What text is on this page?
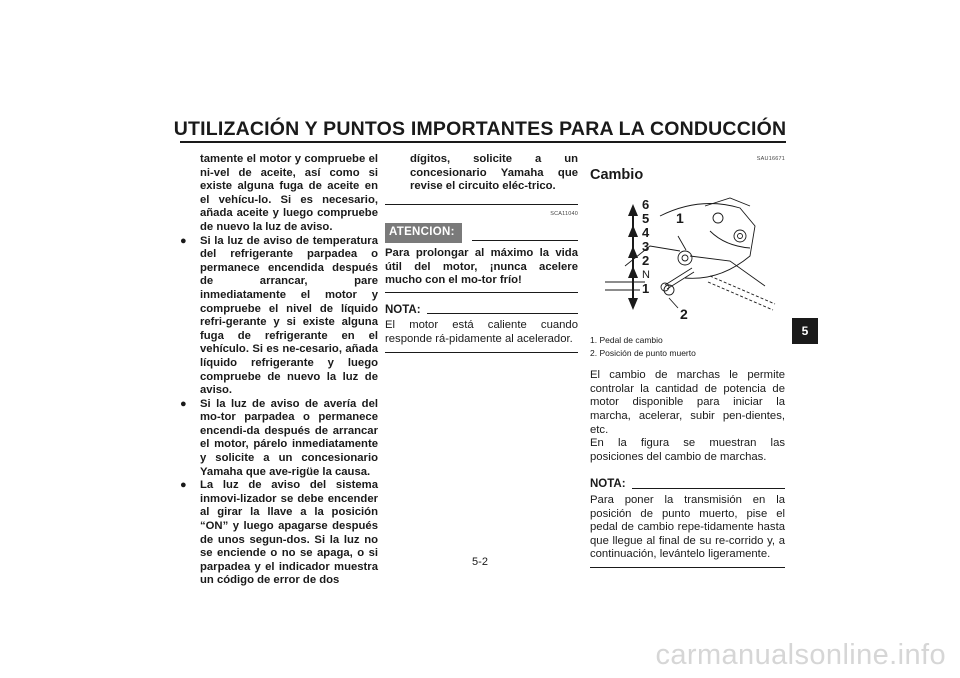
UTILIZACIÓN Y PUNTOS IMPORTANTES PARA LA CONDUCCIÓN
tamente el motor y compruebe el ni-vel de aceite, así como si existe alguna fuga de aceite en el vehícu-lo. Si es necesario, añada aceite y luego compruebe de nuevo la luz de aviso.
● Si la luz de aviso de temperatura del refrigerante parpadea o permanece encendida después de arrancar, pare inmediatamente el motor y compruebe el nivel de líquido refri-gerante y si existe alguna fuga de refrigerante en el vehículo. Si es ne-cesario, añada líquido refrigerante y luego compruebe de nuevo la luz de aviso.
● Si la luz de aviso de avería del mo-tor parpadea o permanece encendi-da después de arrancar el motor, párelo inmediatamente y solicite a un concesionario Yamaha que ave-rigüe la causa.
● La luz de aviso del sistema inmovi-lizador se debe encender al girar la llave a la posición “ON” y luego apagarse después de unos segun-dos. Si la luz no se enciende o no se apaga, o si parpadea y el indicador muestra un código de error de dos
dígitos, solicite a un concesionario Yamaha que revise el circuito eléc-trico.
SCA11040
ATENCION:
Para prolongar al máximo la vida útil del motor, ¡nunca acelere mucho con el mo-tor frío!
NOTA:
El motor está caliente cuando responde rá-pidamente al acelerador.
SAU16671
Cambio
6
5
4
3
2
N
1
1
2
1. Pedal de cambio
2. Posición de punto muerto
El cambio de marchas le permite controlar la cantidad de potencia de motor disponible para iniciar la marcha, acelerar, subir pen-dientes, etc.
En la figura se muestran las posiciones del cambio de marchas.
NOTA:
Para poner la transmisión en la posición de punto muerto, pise el pedal de cambio repe-tidamente hasta que llegue al final de su re-corrido y, a continuación, levántelo ligeramente.
5
5-2
carmanualsonline.info
